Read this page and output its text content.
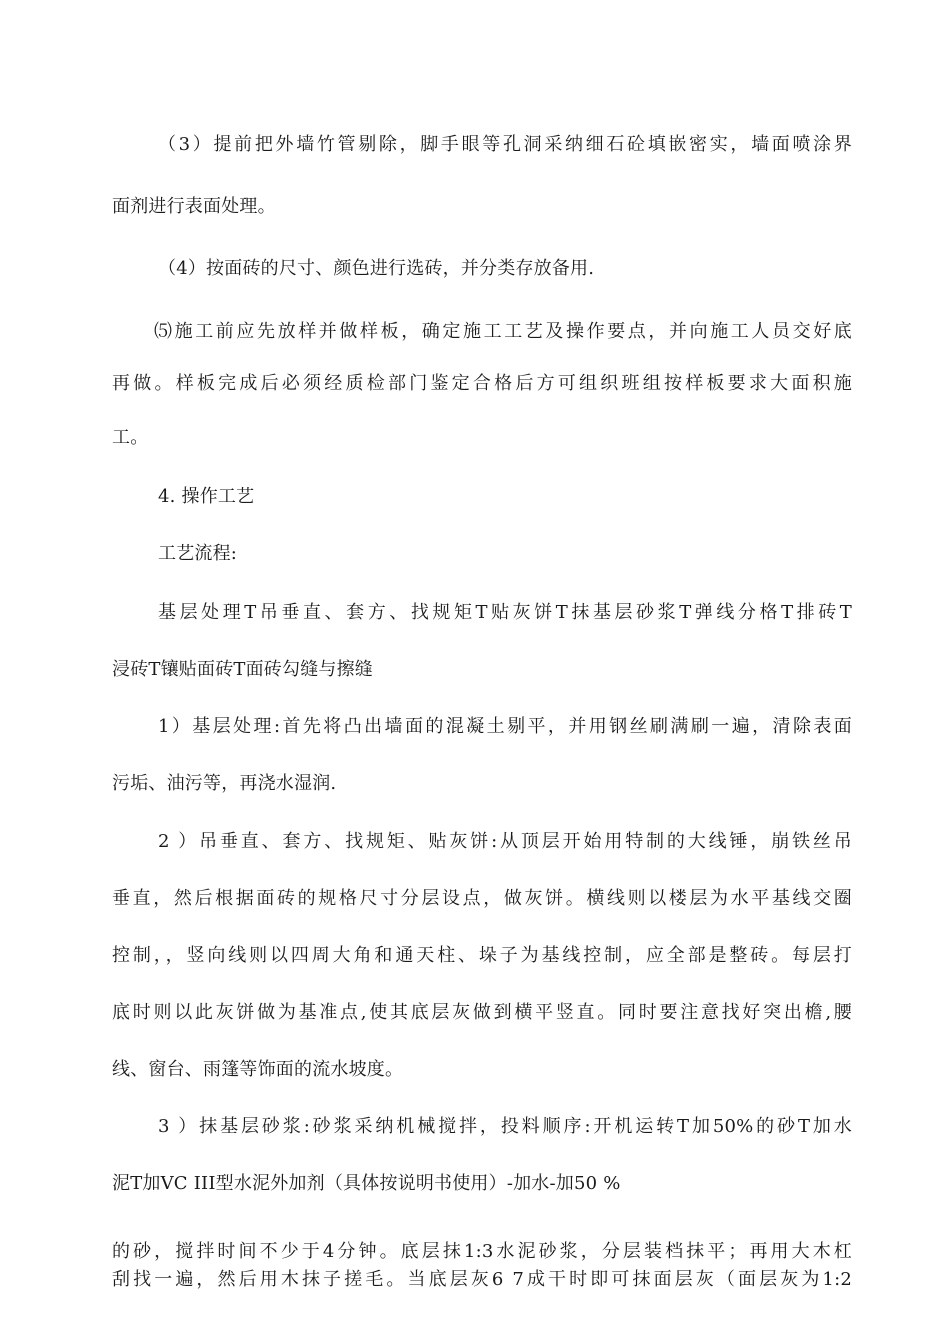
（3）提前把外墙竹管剔除，脚手眼等孔洞采纳细石砼填嵌密实，墙面喷涂界
面剂进行表面处理。
（4）按面砖的尺寸、颜色进行选砖，并分类存放备用.
⑸施工前应先放样并做样板，确定施工工艺及操作要点，并向施工人员交好底
再做。样板完成后必须经质检部门鉴定合格后方可组织班组按样板要求大面积施
工。
4. 操作工艺
工艺流程:
基层处理T吊垂直、套方、找规矩T贴灰饼T抹基层砂浆T弹线分格T排砖T
浸砖T镶贴面砖T面砖勾缝与擦缝
1）基层处理:首先将凸出墙面的混凝土剔平，并用钢丝刷满刷一遍，清除表面
污垢、油污等，再浇水湿润.
2 ）吊垂直、套方、找规矩、贴灰饼:从顶层开始用特制的大线锤，崩铁丝吊
垂直，然后根据面砖的规格尺寸分层设点，做灰饼。横线则以楼层为水平基线交圈
控制，，竖向线则以四周大角和通天柱、垛子为基线控制，应全部是整砖。每层打
底时则以此灰饼做为基准点,使其底层灰做到横平竖直。同时要注意找好突出檐,腰
线、窗台、雨篷等饰面的流水坡度。
3 ）抹基层砂浆:砂浆采纳机械搅拌，投料顺序:开机运转T加50%的砂T加水
泥T加VC III型水泥外加剂（具体按说明书使用）-加水-加50 %
的砂，搅拌时间不少于4分钟。底层抹1:3水泥砂浆，分层装档抹平；再用大木杠
刮找一遍，然后用木抹子搓毛。当底层灰6 7成干时即可抹面层灰（面层灰为1:2
